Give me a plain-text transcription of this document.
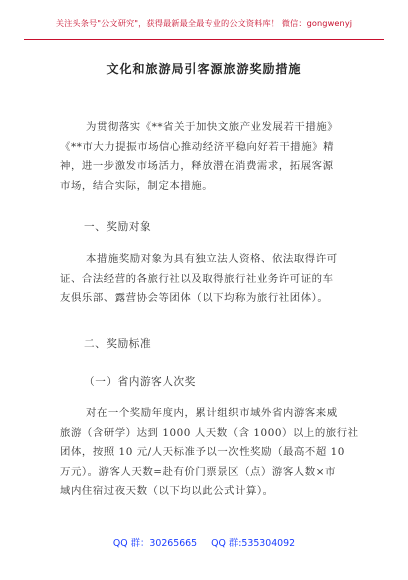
关注头条号"公文研究"，获得最新最全最专业的公文资料库！ 微信：gongwenyj
文化和旅游局引客源旅游奖励措施
为贯彻落实《**省关于加快文旅产业发展若干措施》
《**市大力提振市场信心推动经济平稳向好若干措施》精
神，进一步激发市场活力，释放潜在消费需求，拓展客源
市场，结合实际，制定本措施。
一、奖励对象
本措施奖励对象为具有独立法人资格、依法取得许可
证、合法经营的各旅行社以及取得旅行社业务许可证的车
友俱乐部、露营协会等团体（以下均称为旅行社团体）。
二、奖励标准
（一）省内游客人次奖
对在一个奖励年度内，累计组织市域外省内游客来威
旅游（含研学）达到 1000 人天数（含 1000）以上的旅行社
团体，按照 10 元/人天标准予以一次性奖励（最高不超 10
万元）。游客人天数=赴有价门票景区（点）游客人数×市
域内住宿过夜天数（以下均以此公式计算）。
QQ 群：30265665 QQ 群:535304092
